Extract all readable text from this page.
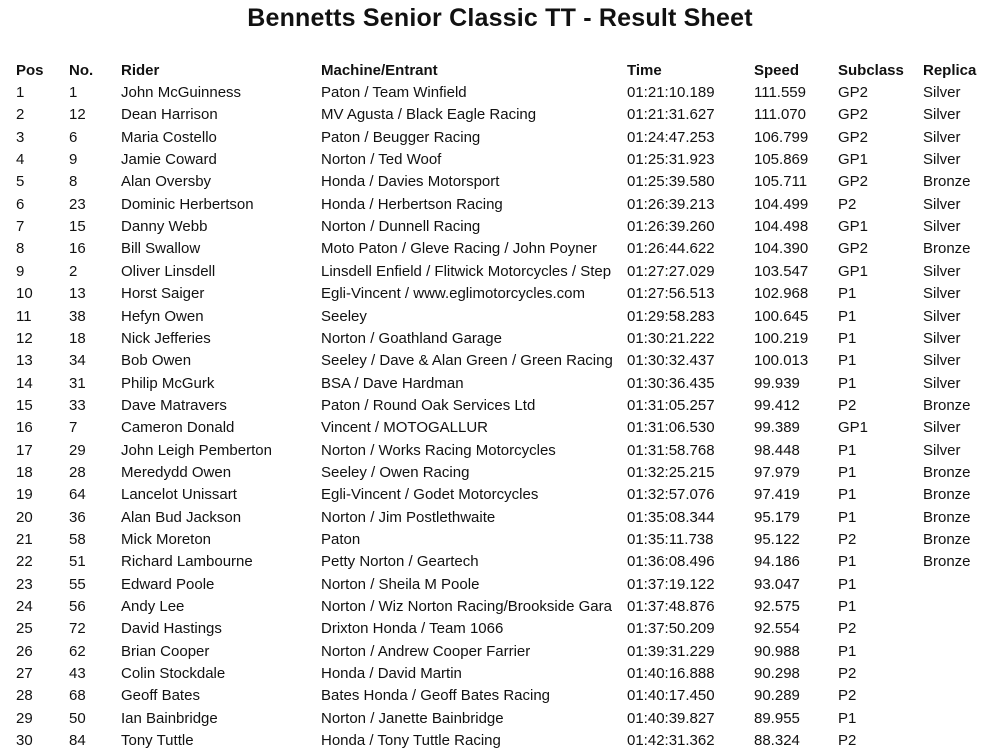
Bennetts Senior Classic TT - Result Sheet
Pos No. Rider	Machine/Entrant	Time	Speed	Subclass Replica
1	1	John McGuinness	Paton / Team Winfield	01:21:10.189	111.559 GP2	Silver
2	12 Dean Harrison	MV Agusta / Black Eagle Racing	01:21:31.627	111.070 GP2	Silver
3	6	Maria Costello	Paton / Beugger Racing	01:24:47.253	106.799 GP2	Silver
4	9	Jamie Coward	Norton / Ted Woof	01:25:31.923	105.869 GP1	Silver
5	8	Alan Oversby	Honda / Davies Motorsport	01:25:39.580	105.711 GP2	Bronze
6	23 Dominic Herbertson	Honda / Herbertson Racing	01:26:39.213	104.499 P2	Silver
7	15 Danny Webb	Norton / Dunnell Racing	01:26:39.260	104.498 GP1	Silver
8	16 Bill Swallow	Moto Paton / Gleve Racing / John Poyner	01:26:44.622	104.390 GP2	Bronze
9	2	Oliver Linsdell	Linsdell Enfield / Flitwick Motorcycles / Step	01:27:27.029	103.547 GP1	Silver
10 13 Horst Saiger	Egli-Vincent / www.eglimotorcycles.com	01:27:56.513	102.968 P1	Silver
11 38 Hefyn Owen	Seeley	01:29:58.283	100.645 P1	Silver
12 18 Nick Jefferies	Norton / Goathland Garage	01:30:21.222	100.219 P1	Silver
13 34 Bob Owen	Seeley / Dave & Alan Green / Green Racing 01:30:32.437	100.013 P1	Silver
14 31 Philip McGurk	BSA / Dave Hardman	01:30:36.435	99.939	P1	Silver
15 33 Dave Matravers	Paton / Round Oak Services Ltd	01:31:05.257	99.412	P2	Bronze
16 7	Cameron Donald	Vincent / MOTOGALLUR	01:31:06.530	99.389	GP1	Silver
17 29 John Leigh Pemberton	Norton / Works Racing Motorcycles	01:31:58.768	98.448	P1	Silver
18 28 Meredydd Owen	Seeley / Owen Racing	01:32:25.215	97.979	P1	Bronze
19 64 Lancelot Unissart	Egli-Vincent / Godet Motorcycles	01:32:57.076	97.419	P1	Bronze
20 36 Alan Bud Jackson	Norton / Jim Postlethwaite	01:35:08.344	95.179	P1	Bronze
21 58 Mick Moreton	Paton	01:35:11.738	95.122	P2	Bronze
22 51 Richard Lambourne	Petty Norton / Geartech	01:36:08.496	94.186	P1	Bronze
23 55 Edward Poole	Norton / Sheila M Poole	01:37:19.122	93.047	P1
24 56 Andy Lee	Norton / Wiz Norton Racing/Brookside Gara	01:37:48.876	92.575	P1
25 72 David Hastings	Drixton Honda / Team 1066	01:37:50.209	92.554	P2
26 62 Brian Cooper	Norton / Andrew Cooper Farrier	01:39:31.229	90.988	P1
27 43 Colin Stockdale	Honda / David Martin	01:40:16.888	90.298	P2
28 68 Geoff Bates	Bates Honda / Geoff Bates Racing	01:40:17.450	90.289	P2
29 50 Ian Bainbridge	Norton / Janette Bainbridge	01:40:39.827	89.955	P1
30 84 Tony Tuttle	Honda / Tony Tuttle Racing	01:42:31.362	88.324	P2
